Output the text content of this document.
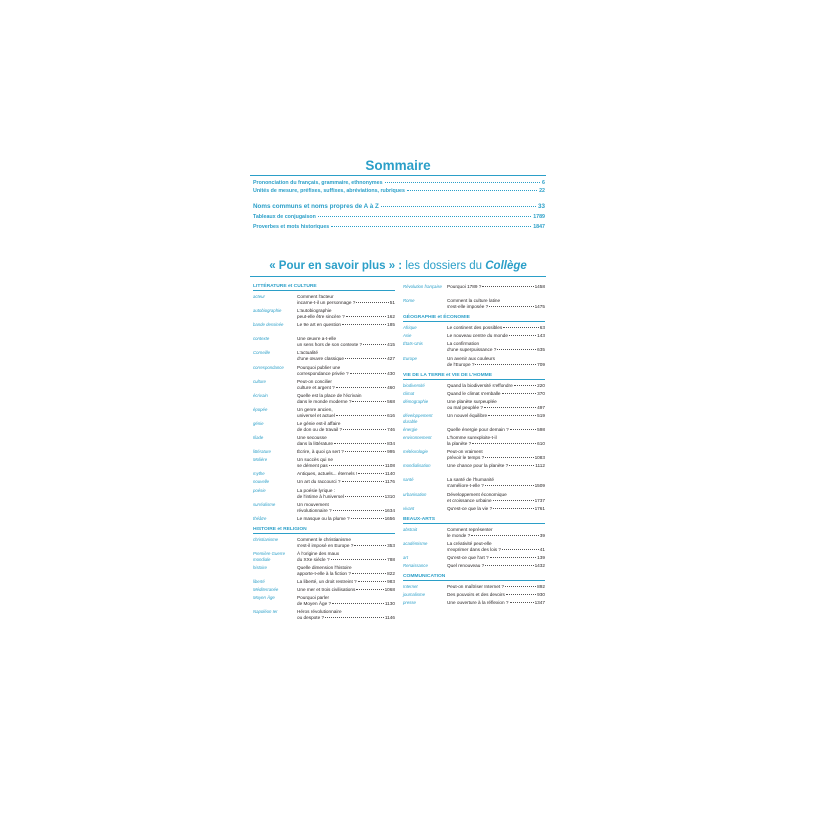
Sommaire
Prononciation du français, grammaire, ethnonymes	6
Unités de mesure, préfixes, suffixes, abréviations, rubriques	22
Noms communs et noms propres de A à Z	33
Tableaux de conjugaison	1789
Proverbes et mots historiques	1847
« Pour en savoir plus » : les dossiers du Collège
LITTÉRATURE et CULTURE
acteur	Comment l'acteur
incarne-t-il un personnage ?	51
autobiographie	L'autobiographie
peut-elle être sincère ?	162
bande dessinée	Le 9e art en question	185
contexte	Une œuvre a-t-elle
un sens hors de son contexte ?	415
Corneille	L'actualité
d'une œuvre classique	427
correspondance	Pourquoi publier une
correspondance privée ?	430
culture	Peut-on concilier
culture et argent ?	460
écrivain	Quelle est la place de l'écrivain
dans le monde moderne ?	568
épopée	Un genre ancien,
universel et actuel	616
génie	Le génie est-il affaire
de don ou de travail ?	746
Iliade	Une secousse
dans la littérature	834
littérature	Écrire, à quoi ça sert ?	995
Molière	Un succès qui ne
se dément pas	1108
mythe	Antiques, actuels... éternels !	1140
nouvelle	Un art du raccourci ?	1176
poésie	La poésie lyrique :
de l'intime à l'universel	1310
surréalisme	Un mouvement
révolutionnaire ?	1634
théâtre	Le masque ou la plume ?	1656
HISTOIRE et RELIGION
christianisme	Comment le christianisme
s'est-il imposé en Europe ?	353
Première Guerre mondiale
À l'origine des maux
du XXe siècle ?	788
histoire	Quelle dimension l'histoire
apporte-t-elle à la fiction ?	822
liberté	La liberté, un droit restreint ?	983
Méditerranée	Une mer et trois civilisations	1068
Moyen Âge	Pourquoi parler
de Moyen Âge ?	1130
Napoléon Ier	Héros révolutionnaire
ou despote ?	1146
Révolution française	Pourquoi 1789 ?	1458
Rome	Comment la culture latine
s'est-elle imposée ?	1475
GÉOGRAPHIE et ÉCONOMIE
Afrique	Le continent des possibles	63
Asie	Le nouveau centre du monde	143
États-Unis	La confirmation
d'une superpuissance ?	635
Europe	Un avenir aux couleurs
de l'Europe ?	709
VIE DE LA TERRE et VIE DE L'HOMME
biodiversité	Quand la biodiversité s'effondre	220
climat	Quand le climat s'emballe	370
démographie	Une planète surpeuplée
ou mal peuplée ?	497
développement durable
Un nouvel équilibre	519
énergie	Quelle énergie pour demain ?	598
environnement	L'homme surexploite-t-il
la planète ?	610
météorologie	Peut-on vraiment
prévoir le temps ?	1083
mondialisation	Une chance pour la planète ?	1112
santé	La santé de l'humanité
s'améliore-t-elle ?	1509
urbanisation	Développement économique
et croissance urbaine	1737
vivant	Qu'est-ce que la vie ?	1761
BEAUX-ARTS
abstrait	Comment représenter
le monde ?	39
académisme	La créativité peut-elle
s'exprimer dans des lois ?	41
art	Qu'est-ce que l'art ?	139
Renaissance	Quel renouveau ?	1432
COMMUNICATION
Internet	Peut-on maîtriser Internet ?	892
journalisme	Des pouvoirs et des devoirs	930
presse	Une ouverture à la réflexion ?	1347
